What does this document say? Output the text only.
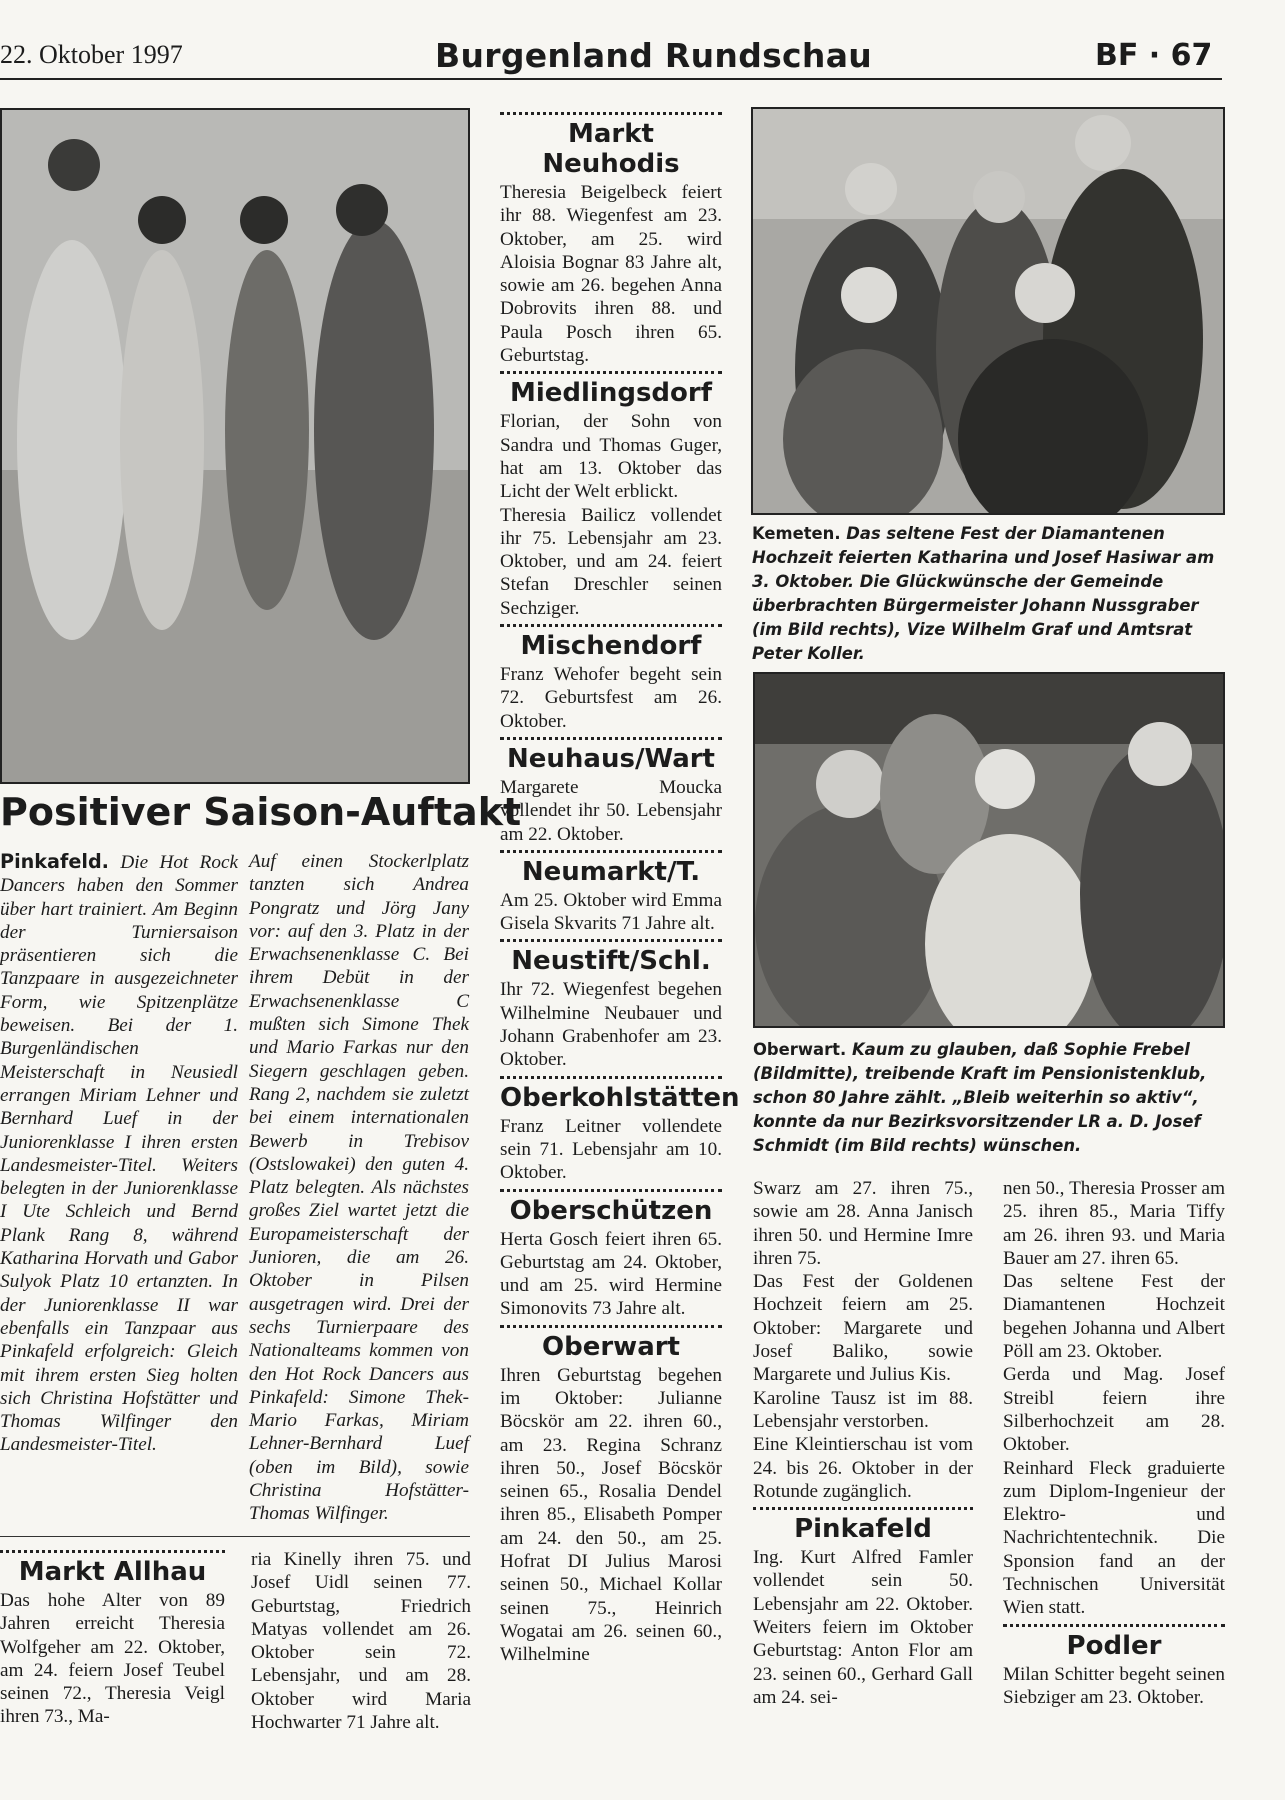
22. Oktober 1997	Burgenland Rundschau	BF · 67
Positiver Saison-Auftakt

Pinkafeld. Die Hot Rock Dancers haben den Sommer über hart trainiert. Am Beginn der Turniersaison präsentieren sich die Tanzpaare in ausgezeichneter Form, wie Spitzenplätze beweisen. Bei der 1. Burgenländischen Meisterschaft in Neusiedl errangen Miriam Lehner und Bernhard Luef in der Juniorenklasse I ihren ersten Landesmeister-Titel. Weiters belegten in der Juniorenklasse I Ute Schleich und Bernd Plank Rang 8, während Katharina Horvath und Gabor Sulyok Platz 10 ertanzten. In der Juniorenklasse II war ebenfalls ein Tanzpaar aus Pinkafeld erfolgreich: Gleich mit ihrem ersten Sieg holten sich Christina Hofstätter und Thomas Wilfinger den Landesmeister-Titel.

Auf einen Stockerlplatz tanzten sich Andrea Pongratz und Jörg Jany vor: auf den 3. Platz in der Erwachsenenklasse C. Bei ihrem Debüt in der Erwachsenenklasse C mußten sich Simone Thek und Mario Farkas nur den Siegern geschlagen geben. Rang 2, nachdem sie zuletzt bei einem internationalen Bewerb in Trebisov (Ostslowakei) den guten 4. Platz belegten. Als nächstes großes Ziel wartet jetzt die Europameisterschaft der Junioren, die am 26. Oktober in Pilsen ausgetragen wird. Drei der sechs Turnierpaare des Nationalteams kommen von den Hot Rock Dancers aus Pinkafeld: Simone Thek-Mario Farkas, Miriam Lehner-Bernhard Luef (oben im Bild), sowie Christina Hofstätter-Thomas Wilfinger.

Markt Allhau

Das hohe Alter von 89 Jahren erreicht Theresia Wolfgeher am 22. Oktober, am 24. feiern Josef Teubel seinen 72., Theresia Veigl ihren 73., Ma-

ria Kinelly ihren 75. und Josef Uidl seinen 77. Geburtstag, Friedrich Matyas vollendet am 26. Oktober sein 72. Lebensjahr, und am 28. Oktober wird Maria Hochwarter 71 Jahre alt.

Markt Neuhodis

Theresia Beigelbeck feiert ihr 88. Wiegenfest am 23. Oktober, am 25. wird Aloisia Bognar 83 Jahre alt, sowie am 26. begehen Anna Dobrovits ihren 88. und Paula Posch ihren 65. Geburtstag.

Miedlingsdorf

Florian, der Sohn von Sandra und Thomas Guger, hat am 13. Oktober das Licht der Welt erblickt.

Theresia Bailicz vollendet ihr 75. Lebensjahr am 23. Oktober, und am 24. feiert Stefan Dreschler seinen Sechziger.

Mischendorf

Franz Wehofer begeht sein 72. Geburtsfest am 26. Oktober.

Neuhaus/Wart

Margarete Moucka vollendet ihr 50. Lebensjahr am 22. Oktober.

Neumarkt/T.

Am 25. Oktober wird Emma Gisela Skvarits 71 Jahre alt.

Neustift/Schl.

Ihr 72. Wiegenfest begehen Wilhelmine Neubauer und Johann Grabenhofer am 23. Oktober.

Oberkohlstätten

Franz Leitner vollendete sein 71. Lebensjahr am 10. Oktober.

Oberschützen

Herta Gosch feiert ihren 65. Geburtstag am 24. Oktober, und am 25. wird Hermine Simonovits 73 Jahre alt.

Oberwart

Ihren Geburtstag begehen im Oktober: Julianne Böcskör am 22. ihren 60., am 23. Regina Schranz ihren 50., Josef Böcskör seinen 65., Rosalia Dendel ihren 85., Elisabeth Pomper am 24. den 50., am 25. Hofrat DI Julius Marosi seinen 50., Michael Kollar seinen 75., Heinrich Wogatai am 26. seinen 60., Wilhelmine

Kemeten. Das seltene Fest der Diamantenen Hochzeit feierten Katharina und Josef Hasiwar am 3. Oktober. Die Glückwünsche der Gemeinde überbrachten Bürgermeister Johann Nussgraber (im Bild rechts), Vize Wilhelm Graf und Amtsrat Peter Koller.
Oberwart. Kaum zu glauben, daß Sophie Frebel (Bildmitte), treibende Kraft im Pensionistenklub, schon 80 Jahre zählt. „Bleib weiterhin so aktiv“, konnte da nur Bezirksvorsitzender LR a. D. Josef Schmidt (im Bild rechts) wünschen.

Swarz am 27. ihren 75., sowie am 28. Anna Janisch ihren 50. und Hermine Imre ihren 75.

Das Fest der Goldenen Hochzeit feiern am 25. Oktober: Margarete und Josef Baliko, sowie Margarete und Julius Kis.

Karoline Tausz ist im 88. Lebensjahr verstorben.

Eine Kleintierschau ist vom 24. bis 26. Oktober in der Rotunde zugänglich.

Pinkafeld

Ing. Kurt Alfred Famler vollendet sein 50. Lebensjahr am 22. Oktober. Weiters feiern im Oktober Geburtstag: Anton Flor am 23. seinen 60., Gerhard Gall am 24. sei-

nen 50., Theresia Prosser am 25. ihren 85., Maria Tiffy am 26. ihren 93. und Maria Bauer am 27. ihren 65.

Das seltene Fest der Diamantenen Hochzeit begehen Johanna und Albert Pöll am 23. Oktober.

Gerda und Mag. Josef Streibl feiern ihre Silberhochzeit am 28. Oktober.

Reinhard Fleck graduierte zum Diplom-Ingenieur der Elektro- und Nachrichtentechnik. Die Sponsion fand an der Technischen Universität Wien statt.

Podler

Milan Schitter begeht seinen Siebziger am 23. Oktober.
